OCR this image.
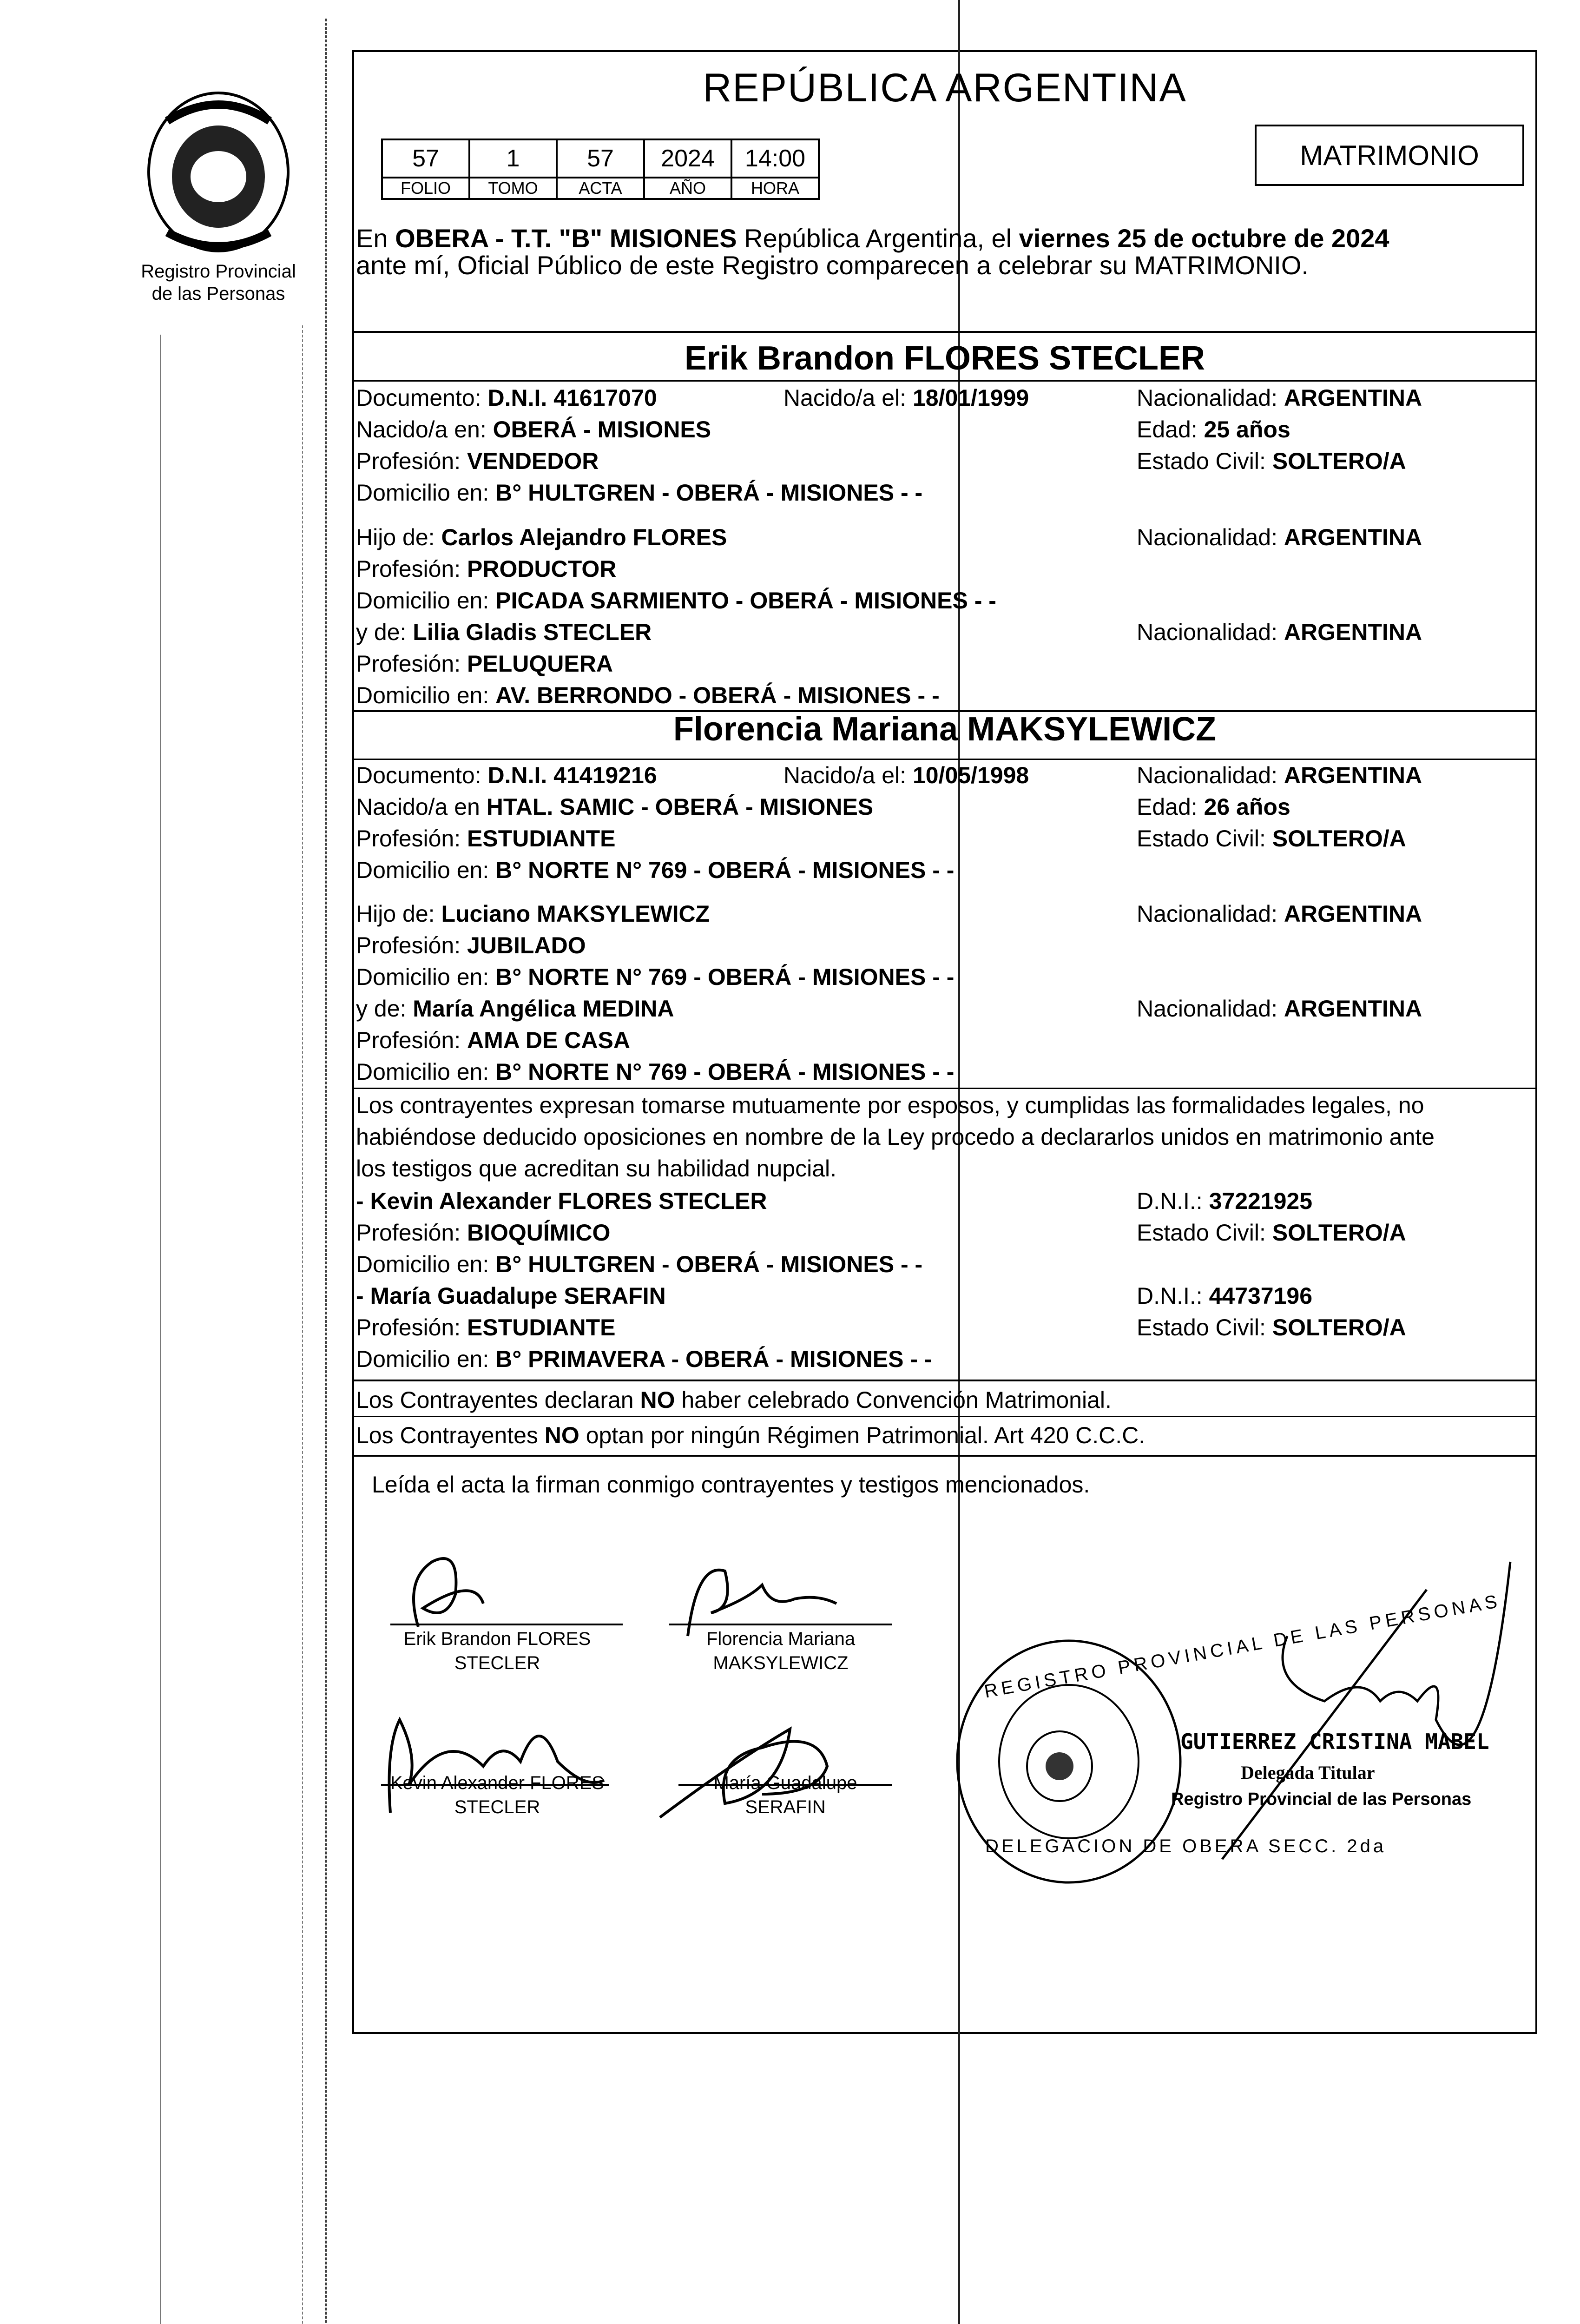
Registro Provincial
de las Personas
REPÚBLICA ARGENTINA
57	1	57	2024	14:00
FOLIO	TOMO	ACTA	AÑO	HORA
MATRIMONIO
En OBERA - T.T. "B" MISIONES República Argentina, el viernes 25 de octubre de 2024
ante mí, Oficial Público de este Registro comparecen a celebrar su MATRIMONIO.
Erik Brandon FLORES STECLER
Documento: D.N.I. 41617070	Nacido/a el: 18/01/1999	Nacionalidad: ARGENTINA
Nacido/a en: OBERÁ - MISIONES	Edad: 25 años
Profesión: VENDEDOR	Estado Civil: SOLTERO/A
Domicilio en: B° HULTGREN - OBERÁ - MISIONES - -
Hijo de: Carlos Alejandro FLORES	Nacionalidad: ARGENTINA
Profesión: PRODUCTOR
Domicilio en: PICADA SARMIENTO - OBERÁ - MISIONES - -
y de: Lilia Gladis STECLER	Nacionalidad: ARGENTINA
Profesión: PELUQUERA
Domicilio en: AV. BERRONDO - OBERÁ - MISIONES - -
Florencia Mariana MAKSYLEWICZ
Documento: D.N.I. 41419216	Nacido/a el: 10/05/1998	Nacionalidad: ARGENTINA
Nacido/a en HTAL. SAMIC - OBERÁ - MISIONES	Edad: 26 años
Profesión: ESTUDIANTE	Estado Civil: SOLTERO/A
Domicilio en: B° NORTE N° 769 - OBERÁ - MISIONES - -
Hijo de: Luciano MAKSYLEWICZ	Nacionalidad: ARGENTINA
Profesión: JUBILADO
Domicilio en: B° NORTE N° 769 - OBERÁ - MISIONES - -
y de: María Angélica MEDINA	Nacionalidad: ARGENTINA
Profesión: AMA DE CASA
Domicilio en: B° NORTE N° 769 - OBERÁ - MISIONES - -
Los contrayentes expresan tomarse mutuamente por esposos, y cumplidas las formalidades legales, no
habiéndose deducido oposiciones en nombre de la Ley procedo a declararlos unidos en matrimonio ante
los testigos que acreditan su habilidad nupcial.
- Kevin Alexander FLORES STECLER	D.N.I.: 37221925
Profesión: BIOQUÍMICO	Estado Civil: SOLTERO/A
Domicilio en: B° HULTGREN - OBERÁ - MISIONES - -
- María Guadalupe SERAFIN	D.N.I.: 44737196
Profesión: ESTUDIANTE	Estado Civil: SOLTERO/A
Domicilio en: B° PRIMAVERA - OBERÁ - MISIONES - -
Los Contrayentes declaran NO haber celebrado Convención Matrimonial.
Los Contrayentes NO optan por ningún Régimen Patrimonial. Art 420 C.C.C.
Leída el acta la firman conmigo contrayentes y testigos mencionados.
Erik Brandon FLORES
STECLER
Florencia Mariana
MAKSYLEWICZ
Kevin Alexander FLORES
STECLER
María Guadalupe
SERAFIN
REGISTRO PROVINCIAL DE LAS PERSONAS
DELEGACION DE OBERA SECC. 2da
GUTIERREZ CRISTINA MABEL
Delegada Titular
Registro Provincial de las Personas
